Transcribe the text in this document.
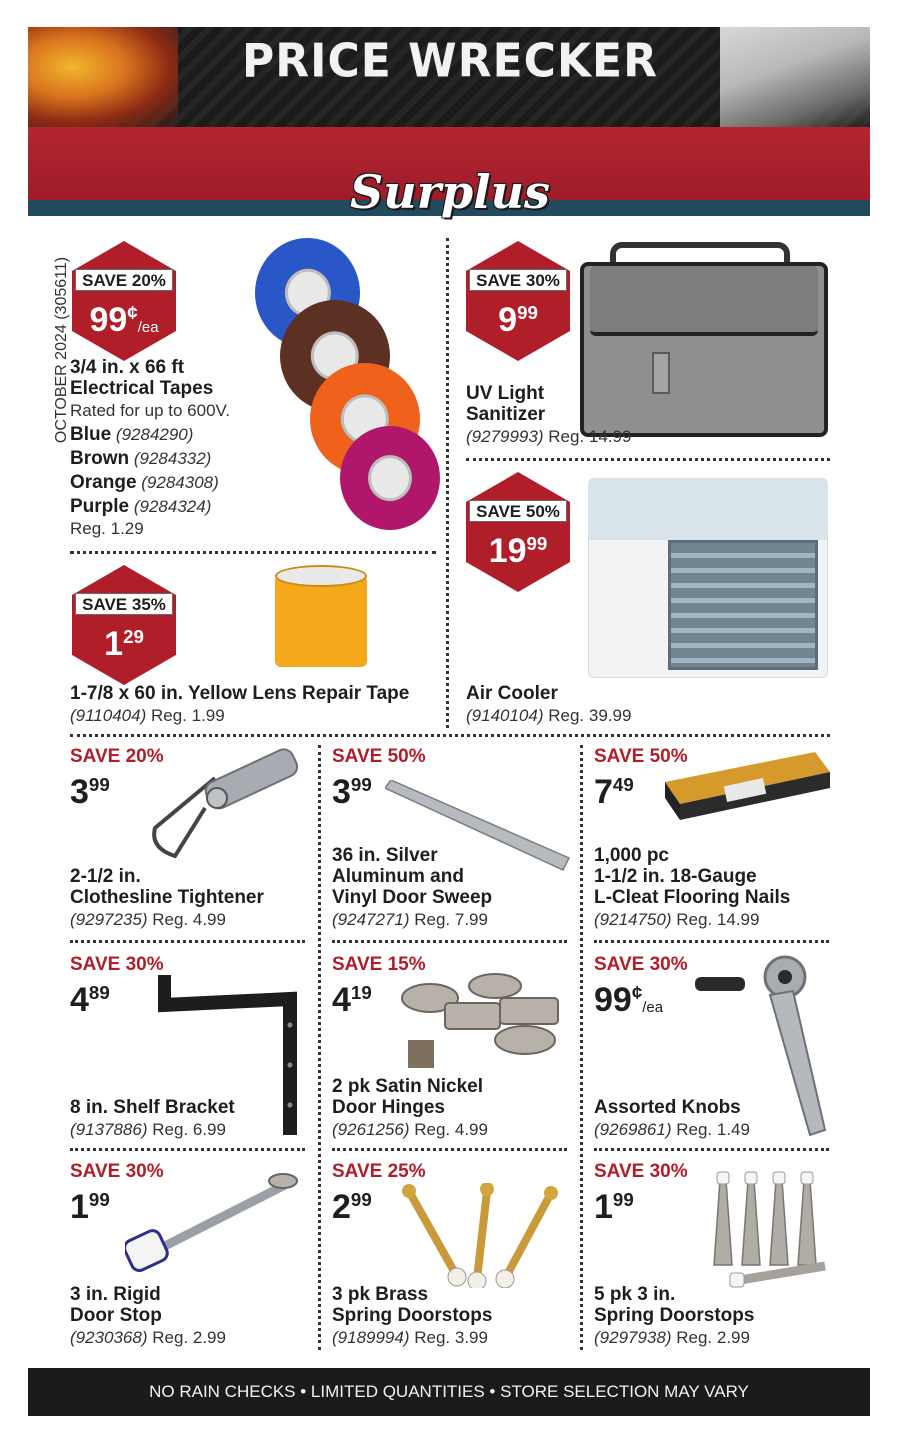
PRICE WRECKER
Surplus
OCTOBER 2024 (305611) SAVE 20%
99¢/ea
3/4 in. x 66 ft
Electrical Tapes
Rated for up to 600V.
Blue (9284290)
Brown (9284332)
Orange (9284308)
Purple (9284324)
Reg. 1.29
SAVE 30%
$9^{99}$
UV Light
Sanitizer
(9279993) Reg. 14.99
SAVE 35%
$1^{29}$
1-7/8 x 60 in. Yellow Lens Repair Tape
(9110404) Reg. 1.99
SAVE 50%
$19^{99}$
Air Cooler
(9140104) Reg. 39.99
SAVE 20%
$3^{99}$
2-1/2 in.
Clothesline Tightener
(9297235) Reg. 4.99
SAVE 50%
$3^{99}$
36 in. Silver
Aluminum and
Vinyl Door Sweep
(9247271) Reg. 7.99
SAVE 50%
$7^{49}$
1,000 pc
1-1/2 in. 18-Gauge
L-Cleat Flooring Nails
(9214750) Reg. 14.99
SAVE 30%
$4^{89}$
8 in. Shelf Bracket
(9137886) Reg. 6.99
SAVE 15%
$4^{19}$
2 pk Satin Nickel
Door Hinges
(9261256) Reg. 4.99
SAVE 30%
99¢/ea
Assorted Knobs
(9269861) Reg. 1.49
SAVE 30%
$1^{99}$
3 in. Rigid
Door Stop
(9230368) Reg. 2.99
SAVE 25%
$2^{99}$
3 pk Brass
Spring Doorstops
(9189994) Reg. 3.99
SAVE 30%
$1^{99}$
5 pk 3 in.
Spring Doorstops
(9297938) Reg. 2.99
NO RAIN CHECKS • LIMITED QUANTITIES • STORE SELECTION MAY VARY
